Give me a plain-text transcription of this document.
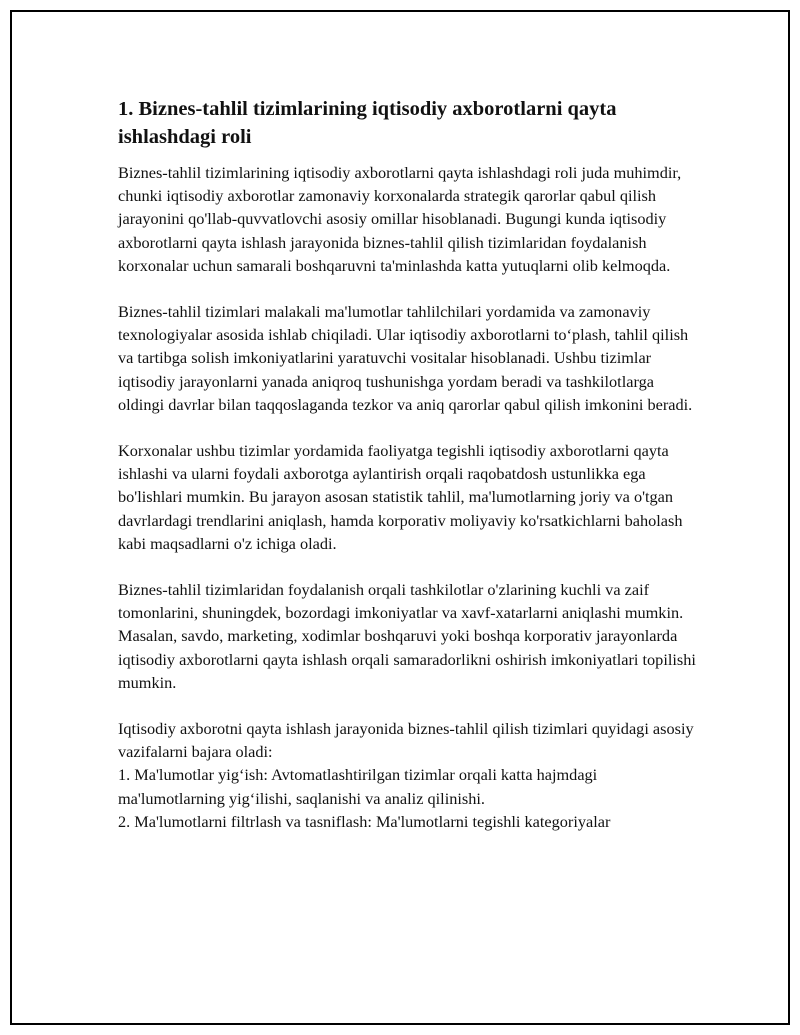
1. Biznes-tahlil tizimlarining iqtisodiy axborotlarni qayta ishlashdagi roli

Biznes-tahlil tizimlarining iqtisodiy axborotlarni qayta ishlashdagi roli juda muhimdir, chunki iqtisodiy axborotlar zamonaviy korxonalarda strategik qarorlar qabul qilish jarayonini qo'llab-quvvatlovchi asosiy omillar hisoblanadi. Bugungi kunda iqtisodiy axborotlarni qayta ishlash jarayonida biznes-tahlil qilish tizimlaridan foydalanish korxonalar uchun samarali boshqaruvni ta'minlashda katta yutuqlarni olib kelmoqda.

Biznes-tahlil tizimlari malakali ma'lumotlar tahlilchilari yordamida va zamonaviy texnologiyalar asosida ishlab chiqiladi. Ular iqtisodiy axborotlarni to‘plash, tahlil qilish va tartibga solish imkoniyatlarini yaratuvchi vositalar hisoblanadi. Ushbu tizimlar iqtisodiy jarayonlarni yanada aniqroq tushunishga yordam beradi va tashkilotlarga oldingi davrlar bilan taqqoslaganda tezkor va aniq qarorlar qabul qilish imkonini beradi.

Korxonalar ushbu tizimlar yordamida faoliyatga tegishli iqtisodiy axborotlarni qayta ishlashi va ularni foydali axborotga aylantirish orqali raqobatdosh ustunlikka ega bo'lishlari mumkin. Bu jarayon asosan statistik tahlil, ma'lumotlarning joriy va o'tgan davrlardagi trendlarini aniqlash, hamda korporativ moliyaviy ko'rsatkichlarni baholash kabi maqsadlarni o'z ichiga oladi.

Biznes-tahlil tizimlaridan foydalanish orqali tashkilotlar o'zlarining kuchli va zaif tomonlarini, shuningdek, bozordagi imkoniyatlar va xavf-xatarlarni aniqlashi mumkin. Masalan, savdo, marketing, xodimlar boshqaruvi yoki boshqa korporativ jarayonlarda iqtisodiy axborotlarni qayta ishlash orqali samaradorlikni oshirish imkoniyatlari topilishi mumkin.

Iqtisodiy axborotni qayta ishlash jarayonida biznes-tahlil qilish tizimlari quyidagi asosiy vazifalarni bajara oladi:

1. Ma'lumotlar yig‘ish: Avtomatlashtirilgan tizimlar orqali katta hajmdagi ma'lumotlarning yig‘ilishi, saqlanishi va analiz qilinishi.
2. Ma'lumotlarni filtrlash va tasniflash: Ma'lumotlarni tegishli kategoriyalar
